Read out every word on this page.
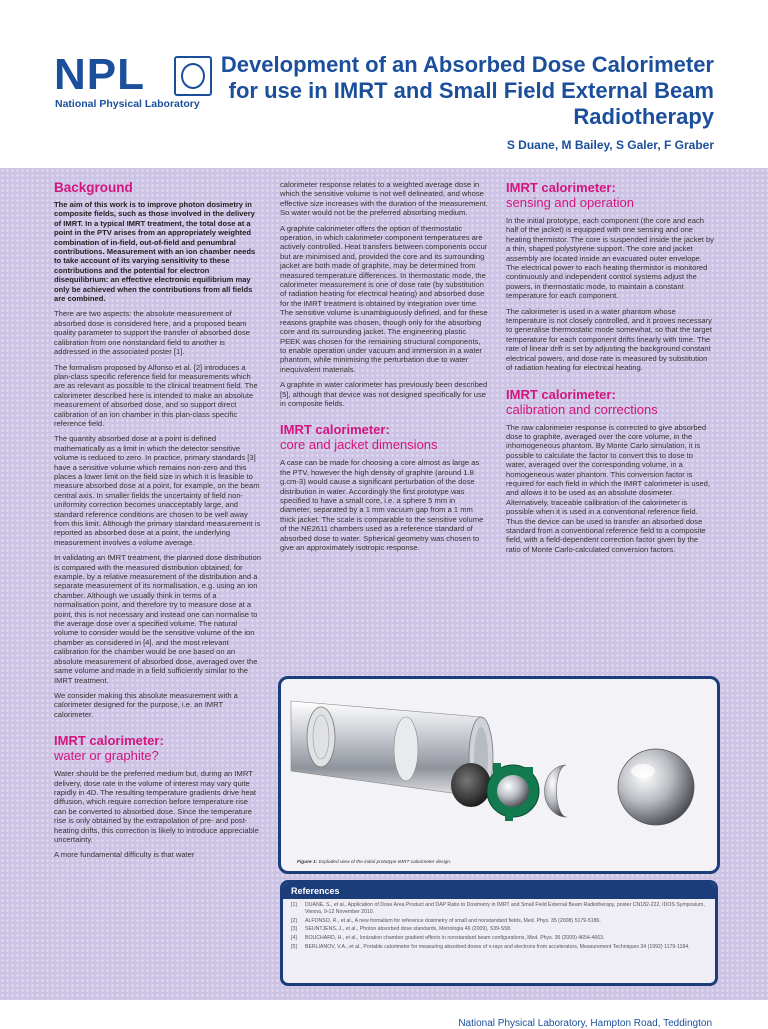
NPL
National Physical Laboratory
Development of an Absorbed Dose Calorimeter for use in IMRT and Small Field External Beam Radiotherapy
S Duane, M Bailey, S Galer, F Graber
Background

The aim of this work is to improve photon dosimetry in composite fields, such as those involved in the delivery of IMRT. In a typical IMRT treatment, the total dose at a point in the PTV arises from an appropriately weighted combination of in-field, out-of-field and penumbral contributions. Measurement with an ion chamber needs to take account of its varying sensitivity to these contributions and the potential for electron disequilibrium: an effective electronic equilibrium may only be achieved when the contributions from all fields are combined.

There are two aspects: the absolute measurement of absorbed dose is considered here, and a proposed beam quality parameter to support the transfer of absorbed dose calibration from one nonstandard field to another is addressed in the associated poster [1].

The formalism proposed by Alfonso et al. [2] introduces a plan-class specific reference field for measurements which are as relevant as possible to the clinical treatment field. The calorimeter described here is intended to make an absolute measurement of absorbed dose, and so support direct calibration of an ion chamber in this plan-class specific reference field.

The quantity absorbed dose at a point is defined mathematically as a limit in which the detector sensitive volume is reduced to zero. In practice, primary standards [3] have a sensitive volume which remains non-zero and this places a lower limit on the field size in which it is feasible to measure absorbed dose at a point, for example, on the beam central axis. In smaller fields the uncertainty of field non-uniformity correction becomes unacceptably large, and standard reference conditions are chosen to be well away from this limit. Although the primary standard measurement is reported as absorbed dose at a point, the underlying measurement involves a volume average.

In validating an IMRT treatment, the planned dose distribution is compared with the measured distribution obtained, for example, by a relative measurement of the distribution and a separate measurement of its normalisation, e.g. using an ion chamber. Although we usually think in terms of a normalisation point, and therefore try to measure dose at a point, this is not necessary and instead one can normalise to the average dose over a specified volume. The natural volume to consider would be the sensitive volume of the ion chamber as considered in [4], and the most relevant calibration for the chamber would be one based on an absolute measurement of absorbed dose, averaged over the same volume and made in a field sufficiently similar to the IMRT treatment.

We consider making this absolute measurement with a calorimeter designed for the purpose, i.e. an IMRT calorimeter.

IMRT calorimeter:
water or graphite?

Water should be the preferred medium but, during an IMRT delivery, dose rate in the volume of interest may vary quite rapidly in 4D. The resulting temperature gradients drive heat diffusion, which require correction before temperature rise can be converted to absorbed dose. Since the temperature rise is only obtained by the extrapolation of pre- and post-heating drifts, this correction is likely to introduce appreciable uncertainty.

A more fundamental difficulty is that water

calorimeter response relates to a weighted average dose in which the sensitive volume is not well delineated, and whose effective size increases with the duration of the measurement. So water would not be the preferred absorbing medium.

A graphite calorimeter offers the option of thermostatic operation, in which calorimeter component temperatures are actively controlled. Heat transfers between components occur but are minimised and, provided the core and its surrounding jacket are both made of graphite, may be determined from measured temperature differences. In thermostatic mode, the calorimeter measurement is one of dose rate (by substitution of radiation heating for electrical heating) and absorbed dose for the IMRT treatment is obtained by integration over time. The sensitive volume is unambiguously defined, and for these reasons graphite was chosen, though only for the absorbing core and its surrounding jacket. The engineering plastic PEEK was chosen for the remaining structural components, to enable operation under vacuum and immersion in a water phantom, while minimising the perturbation due to water inequivalent materials.

A graphite in water calorimeter has previously been described [5], although that device was not designed specifically for use in composite fields.

IMRT calorimeter:
core and jacket dimensions

A case can be made for choosing a core almost as large as the PTV, however the high density of graphite (around 1.8 g.cm-3) would cause a significant perturbation of the dose distribution in water. Accordingly the first prototype was specified to have a small core, i.e. a sphere 5 mm in diameter, separated by a 1 mm vacuum gap from a 1 mm thick jacket. The scale is comparable to the sensitive volume of the NE2611 chambers used as a reference standard of absorbed dose to water. Spherical geometry was chosen to give an approximately isotropic response.

IMRT calorimeter:
sensing and operation

In the initial prototype, each component (the core and each half of the jacket) is equipped with one sensing and one heating thermistor. The core is suspended inside the jacket by a thin, shaped polystyrene support. The core and jacket assembly are located inside an evacuated outer envelope. The electrical power to each heating thermistor is monitored continuously and independent control systems adjust the powers, in thermostatic mode, to maintain a constant temperature for each component.

The calorimeter is used in a water phantom whose temperature is not closely controlled, and it proves necessary to generalise thermostatic mode somewhat, so that the target temperature for each component drifts linearly with time. The rate of linear drift is set by adjusting the background constant electrical powers, and dose rate is measured by substitution of radiation heating for electrical heating.

IMRT calorimeter:
calibration and corrections

The raw calorimeter response is corrected to give absorbed dose to graphite, averaged over the core volume, in the inhomogeneous phantom. By Monte Carlo simulation, it is possible to calculate the factor to convert this to dose to water, averaged over the corresponding volume, in a homogeneous water phantom. This conversion factor is required for each field in which the IMRT calorimeter is used, and allows it to be used as an absolute dosimeter. Alternatively, traceable calibration of the calorimeter is possible when it is used in a conventional reference field. Thus the device can be used to transfer an absorbed dose standard from a conventional reference field to a composite field, with a field-dependent correction factor given by the ratio of Monte Carlo-calculated conversion factors.

Figure 1: Exploded view of the initial prototype IMRT calorimeter design.
References
[1]	DUANE, S., et al., Application of Dose Area Product and DAP Ratio to Dosimetry in IMRT and Small Field External Beam Radiotherapy, poster CN182-222, IDOS Symposium, Vienna, 9-12 November 2010.
[2]	ALFONSO, R., et al., A new formalism for reference dosimetry of small and nonstandard fields, Med. Phys. 35 (2008) 5179-5186.
[3]	SEUNTJENS, J., et al., Photon absorbed dose standards, Metrologia 46 (2009), S39-S58.
[4]	BOUCHARD, H., et al., Ionization chamber gradient effects in nonstandard beam configurations, Med. Phys. 36 (2009) 4654-4663.
[5]	BERLIANOV, V.A., et al., Portable calorimeter for measuring absorbed doses of x-rays and electrons from accelerators, Measurement Techniques 34 (1992) 1179-1184.
National Physical Laboratory, Hampton Road, Teddington
